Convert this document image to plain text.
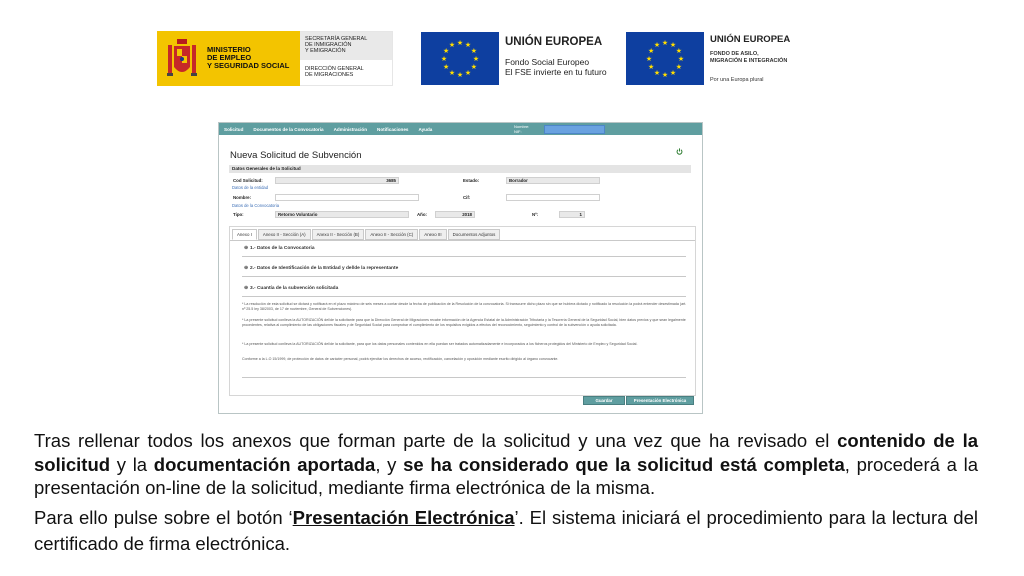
MINISTERIO
DE EMPLEO
Y SEGURIDAD SOCIAL
SECRETARÍA GENERAL
DE INMIGRACIÓN
Y EMIGRACIÓN
DIRECCIÓN GENERAL
DE MIGRACIONES
★ ★
★
★
★
★
★
★
★
★
★
★	UNIÓN EUROPEA
Fondo Social Europeo
El FSE invierte en tu futuro
★ ★
★
★
★
★
★
★
★
★
★
★
UNIÓN EUROPEA
FONDO DE ASILO,
MIGRACIÓN E INTEGRACIÓN
Por una Europa plural
Solicitud	Documentos de la Convocatoria	Administración	Notificaciones	Ayuda	Nombre:
NIF:
Nueva Solicitud de Subvención
Datos Generales de la Solicitud
Cod Solicitud:	3685	Estado:	Borrador
Datos de la entidad
Nombre:	Cif:
Datos de la Convocatoria
Tipo:	Retorno Voluntario	Año:	2018	Nº:	1
Anexo I	Anexo II - Sección (A)	Anexo II - Sección (B)	Anexo II - Sección (C)	Anexo III	Documentos Adjuntos
⊕ 1.- Datos de la Convocatoria
⊕ 2.- Datos de Identificación de la Entidad y del/de la representante
⊕ 3.- Cuantía de la subvención solicitada
* La resolución de esta solicitud se dictará y notificará en el plazo máximo de seis meses a contar desde la fecha de publicación de la Resolución de la convocatoria. Si transcurre dicho plazo sin que se hubiera dictado y notificado la resolución la podrá entender desestimada (art. nº 25.5 ley 38/2003, de 17 de noviembre, General de Subvenciones).
* La presente solicitud conlleva la AUTORIZACIÓN del/de la solicitante para que la Dirección General de Migraciones recabe información de la Agencia Estatal de la Administración Tributaria y la Tesorería General de la Seguridad Social, bien datos previos y que sean legalmente procedentes, relativa al cumplimiento de las obligaciones fiscales y de Seguridad Social para comprobar el cumplimiento de los requisitos exigidos a efectos del reconocimiento, seguimiento y control de la subvención o ayuda solicitada.
* La presente solicitud conlleva la AUTORIZACIÓN del/de la solicitante, para que los datos personales contenidos en ella puedan ser tratados automatizadamente e incorporados a los ficheros protegidos del Ministerio de Empleo y Seguridad Social.
Conforme a la L.O 15/1999, de protección de datos de carácter personal, podrá ejercitar los derechos de acceso, rectificación, cancelación y oposición mediante escrito dirigido al órgano convocante.
Guardar	Presentación Electrónica
Tras rellenar todos los anexos que forman parte de la solicitud y una vez que ha revisado el contenido de la solicitud y la documentación aportada, y se ha considerado que la solicitud está completa, procederá a la presentación on-line de la solicitud, mediante firma electrónica de la misma.
Para ello pulse sobre el botón ‘Presentación Electrónica’. El sistema iniciará el procedimiento para la lectura del certificado de firma electrónica.
